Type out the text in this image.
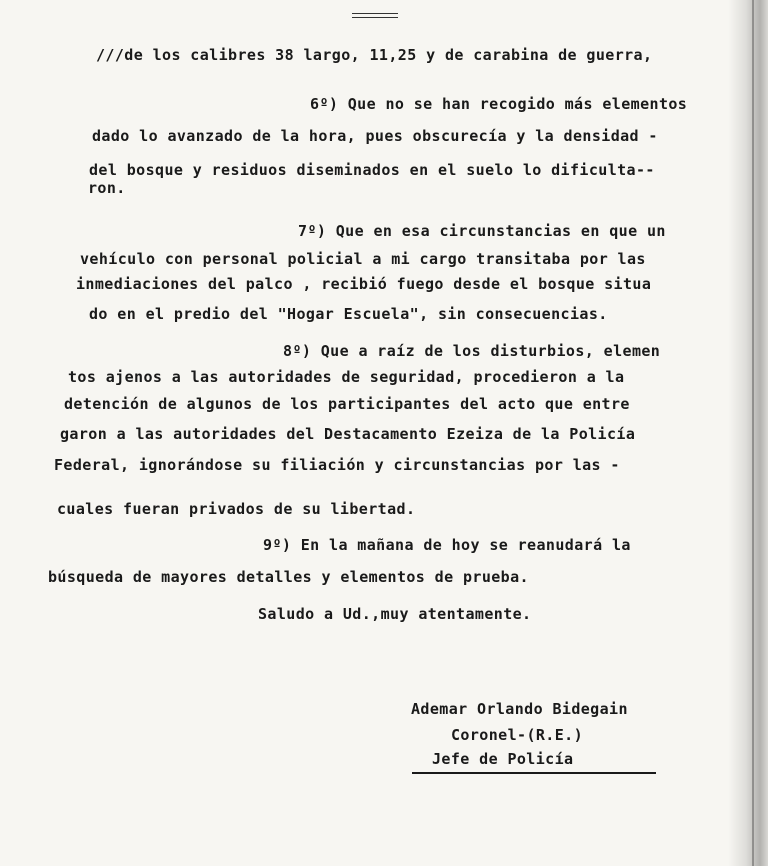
///de los calibres 38 largo, 11,25 y de carabina de guerra,

6º) Que no se han recogido más elementos

dado lo avanzado de la hora, pues obscurecía y la densidad -

del bosque y residuos diseminados en el suelo lo dificulta--

ron.

7º) Que en esa circunstancias en que un

vehículo con personal policial a mi cargo transitaba por las

inmediaciones del palco , recibió fuego desde el bosque situa

do en el predio del "Hogar Escuela", sin consecuencias.

8º) Que a raíz de los disturbios, elemen

tos ajenos a las autoridades de seguridad, procedieron a la

detención de algunos de los participantes del acto que entre

garon a las autoridades del Destacamento Ezeiza de la Policía

Federal, ignorándose su filiación y circunstancias por las -

cuales fueran privados de su libertad.

9º) En la mañana de hoy se reanudará la

búsqueda de mayores detalles y elementos de prueba.

Saludo a Ud.,muy atentamente.

Ademar Orlando Bidegain

Coronel-(R.E.)

Jefe de Policía
